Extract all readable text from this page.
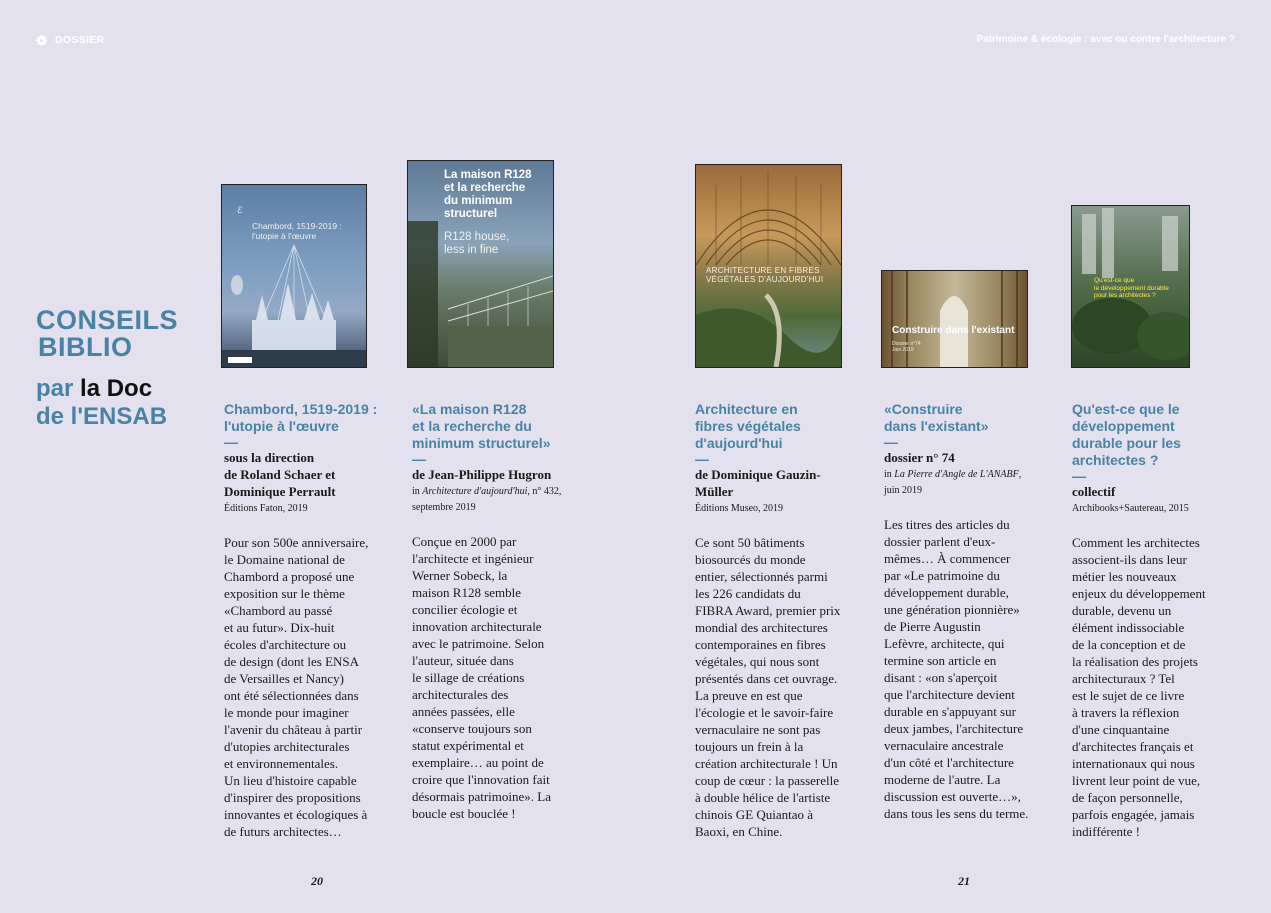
DOSSIER	Patrimoine & écologie : avec ou contre l'architecture ?
CONSEILS
BIBLIO
par la Doc
de l'ENSAB
ℰ
Chambord, 1519-2019 :
l'utopie à l'œuvre
La maison R128
et la recherche
du minimum
structurel
R128 house,
less in fine
ARCHITECTURE EN FIBRES
VÉGÉTALES D'AUJOURD'HUI
Construire dans l'existant
Dossier n°74
Juin 2019
Qu'est-ce que
le développement durable
pour les architectes ?
Chambord, 1519-2019 :
l'utopie à l'œuvre
—
sous la direction
de Roland Schaer et
Dominique Perrault
Éditions Faton, 2019
Pour son 500e anniversaire,
le Domaine national de
Chambord a proposé une
exposition sur le thème
«Chambord au passé
et au futur». Dix-huit
écoles d'architecture ou
de design (dont les ENSA
de Versailles et Nancy)
ont été sélectionnées dans
le monde pour imaginer
l'avenir du château à partir
d'utopies architecturales
et environnementales.
Un lieu d'histoire capable
d'inspirer des propositions
innovantes et écologiques à
de futurs architectes…
«La maison R128
et la recherche du
minimum structurel»
—
de Jean-Philippe Hugron
in Architecture d'aujourd'hui, n° 432,
septembre 2019
Conçue en 2000 par
l'architecte et ingénieur
Werner Sobeck, la
maison R128 semble
concilier écologie et
innovation architecturale
avec le patrimoine. Selon
l'auteur, située dans
le sillage de créations
architecturales des
années passées, elle
«conserve toujours son
statut expérimental et
exemplaire… au point de
croire que l'innovation fait
désormais patrimoine». La
boucle est bouclée !
Architecture en
fibres végétales
d'aujourd'hui
—
de Dominique Gauzin-
Müller
Éditions Museo, 2019
Ce sont 50 bâtiments
biosourcés du monde
entier, sélectionnés parmi
les 226 candidats du
FIBRA Award, premier prix
mondial des architectures
contemporaines en fibres
végétales, qui nous sont
présentés dans cet ouvrage.
La preuve en est que
l'écologie et le savoir-faire
vernaculaire ne sont pas
toujours un frein à la
création architecturale ! Un
coup de cœur : la passerelle
à double hélice de l'artiste
chinois GE Quiantao à
Baoxi, en Chine.
«Construire
dans l'existant»
—
dossier n° 74
in La Pierre d'Angle de L'ANABF,
juin 2019
Les titres des articles du
dossier parlent d'eux-
mêmes… À commencer
par «Le patrimoine du
développement durable,
une génération pionnière»
de Pierre Augustin
Lefèvre, architecte, qui
termine son article en
disant : «on s'aperçoit
que l'architecture devient
durable en s'appuyant sur
deux jambes, l'architecture
vernaculaire ancestrale
d'un côté et l'architecture
moderne de l'autre. La
discussion est ouverte…»,
dans tous les sens du terme.
Qu'est-ce que le
développement
durable pour les
architectes ?
—
collectif
Archibooks+Sautereau, 2015
Comment les architectes
associent-ils dans leur
métier les nouveaux
enjeux du développement
durable, devenu un
élément indissociable
de la conception et de
la réalisation des projets
architecturaux ? Tel
est le sujet de ce livre
à travers la réflexion
d'une cinquantaine
d'architectes français et
internationaux qui nous
livrent leur point de vue,
de façon personnelle,
parfois engagée, jamais
indifférente !
20	21
